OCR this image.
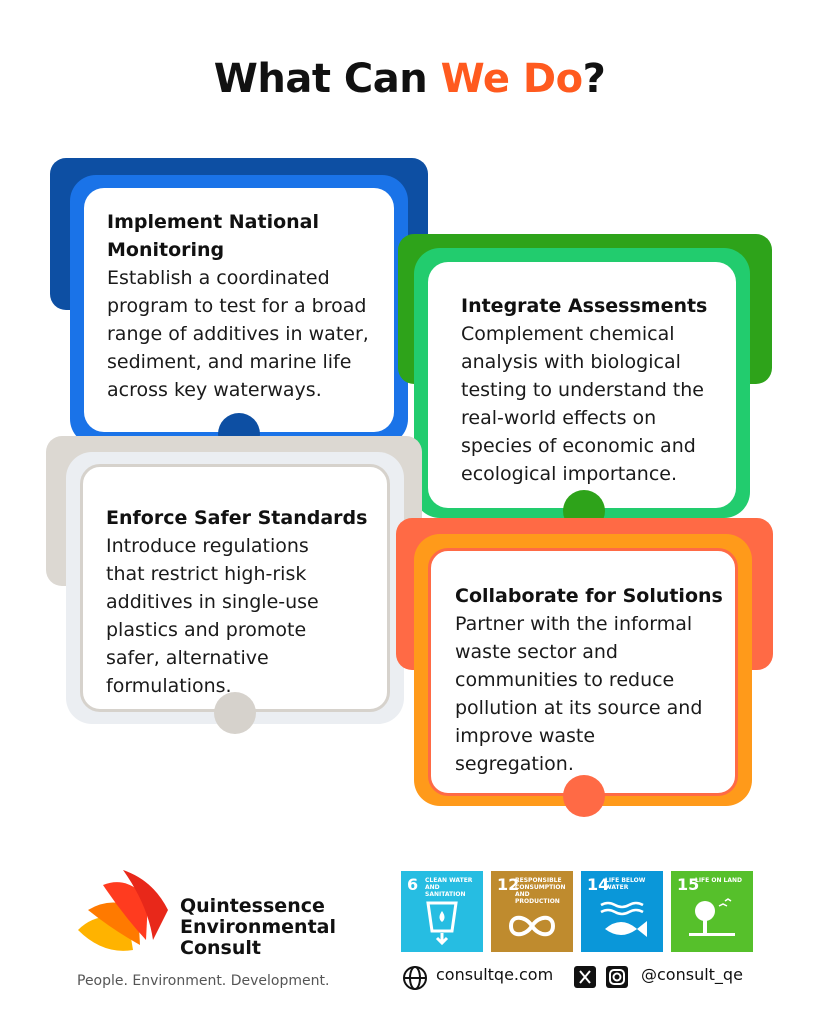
What Can We Do?
Implement National
Monitoring

Establish a coordinated
program to test for a broad
range of additives in water,
sediment, and marine life
across key waterways.

Integrate Assessments

Complement chemical
analysis with biological
testing to understand the
real-world effects on
species of economic and
ecological importance.

Enforce Safer Standards

Introduce regulations
that restrict high-risk
additives in single-use
plastics and promote
safer, alternative
formulations.

Collaborate for Solutions

Partner with the informal
waste sector and
communities to reduce
pollution at its source and
improve waste
segregation.

Quintessence
Environmental
Consult
People. Environment. Development.
6 CLEAN WATER AND SANITATION
12
RESPONSIBLE CONSUMPTION AND PRODUCTION
14
LIFE BELOW WATER	15
LIFE ON LAND
consultqe.com	@consult_qe
